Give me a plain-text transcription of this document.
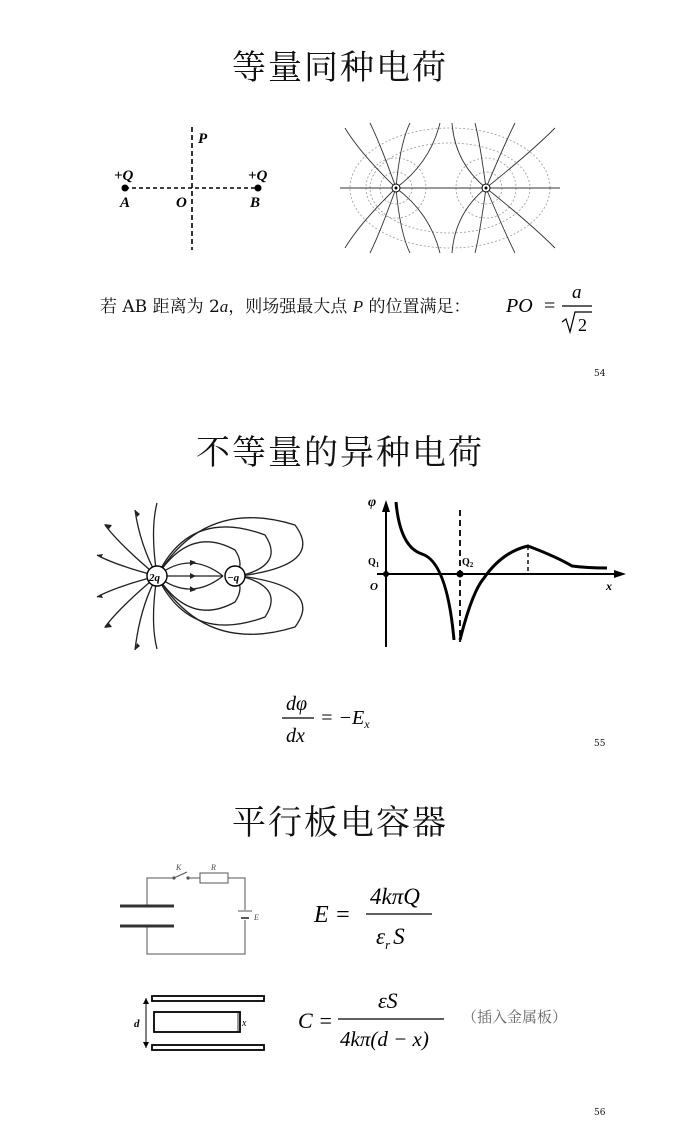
等量同种电荷
P
O
A	B
+Q	+Q
若 AB 距离为 2a，则场强最大点 P 的位置满足： PO =
a
2
54
不等量的异种电荷
2q	−q
φ
x
O
$Q_1$	$Q_2$
dφ
dx
= $-E_x$
55
平行板电容器
K	R
E E =
4kπQ
$\varepsilon_r$ S
d	x C =
εS
4kπ(d − x)
（插入金属板）
56
